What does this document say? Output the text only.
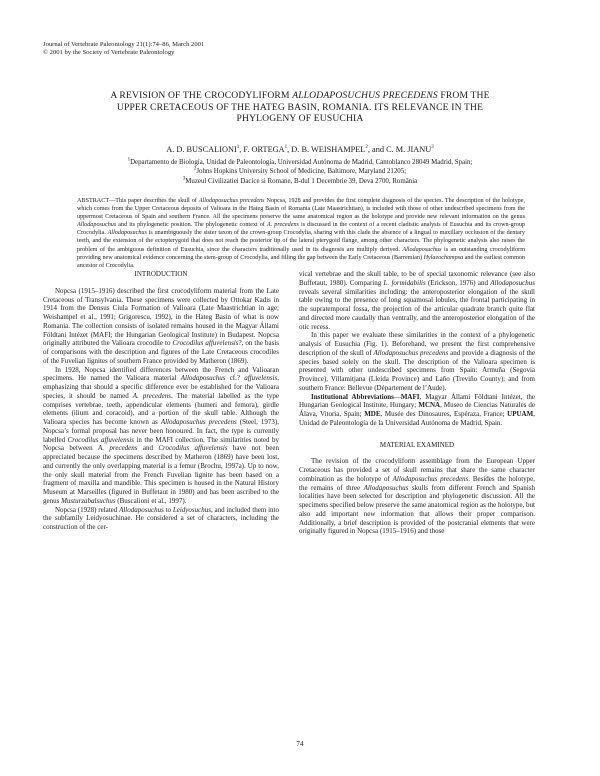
Journal of Vertebrate Paleontology 21(1):74–86, March 2001
© 2001 by the Society of Vertebrate Paleontology
A REVISION OF THE CROCODYLIFORM ALLODAPOSUCHUS PRECEDENS FROM THE
UPPER CRETACEOUS OF THE HATEG BASIN, ROMANIA. ITS RELEVANCE IN THE
PHYLOGENY OF EUSUCHIA
A. D. BUSCALIONI$^1$, F. ORTEGA$^1$, D. B. WEISHAMPEL$^2$, and C. M. JIANU$^3$
$^1$Departamento de Biología, Unidad de Paleontología, Universidad Autónoma de Madrid, Cantoblanco 28049 Madrid, Spain;
$^2$Johns Hopkins University School of Medicine, Baltimore, Maryland 21205;
$^3$Muzeul Civilizatiei Dacice si Romane, B-dul 1 Decembrie 39, Deva 2700, România
ABSTRACT—This paper describes the skull of Allodaposuchus precedens Nopcsa, 1928 and provides the first complete diagnosis of the species. The description of the holotype, which comes from the Upper Cretaceous deposits of Valioara in the Hateg Basin of Romania (Late Maastrichtian), is included with those of other undescribed specimens from the uppermost Cretaceous of Spain and southern France. All the specimens preserve the same anatomical region as the holotype and provide new relevant information on the genus Allodaposuchus and its phylogenetic position. The phylogenetic context of A. precedens is discussed in the context of a recent cladistic analysis of Eusuchia and its crown-group Crocodylia. Allodaposuchus is unambiguously the sister taxon of the crown-group Crocodylia, sharing with this clade the absence of a lingual to maxillary occlusion of the dentary teeth, and the extension of the ectopterygoid that does not reach the posterior tip of the lateral pterygoid flange, among other characters. The phylogenetic analysis also raises the problem of the ambiguous definition of Eusuchia, since the characters traditionally used in its diagnosis are multiply derived. Allodaposuchus is an outstanding crocodyliform providing new anatomical evidence concerning the stem-group of Crocodylia, and filling the gap between the Early Cretaceous (Barremian) Hylaeochampsa and the earliest common ancestor of Crocodylia.

INTRODUCTION

Nopcsa (1915–1916) described the first crocodyliform material from the Late Cretaceous of Transylvania. These specimens were collected by Ottokar Kadis in 1914 from the Densus Ciula Formation of Valioara (Late Maastrichtian in age; Weishampel et al., 1991; Grigorescu, 1992), in the Hateg Basin of what is now Romania. The collection consists of isolated remains housed in the Magyar Állami Földtani Intézet (MAFI; the Hungarian Geological Institute) in Budapest. Nopcsa originally attributed the Valioara crocodile to Crocodilus affuvelensis?, on the basis of comparisons with the description and figures of the Late Cretaceous crocodiles of the Fuvelian lignites of southern France provided by Matheron (1869).

In 1928, Nopcsa identified differences between the French and Valioaran specimens. He named the Valioara material Allodaposuchus cf.? affuvelensis, emphasizing that should a specific difference ever be established for the Valioara species, it should be named A. precedens. The material labelled as the type comprises vertebrae, teeth, appendicular elements (humeri and femora), girdle elements (ilium and coracoid), and a portion of the skull table. Although the Valioara species has become known as Allodaposuchus precedens (Steel, 1973), Nopcsa’s formal proposal has never been honoured. In fact, the type is currently labelled Crocodilus affuvelensis in the MAFI collection. The similarities noted by Nopcsa between A. precedens and Crocodilus affuvelensis have not been appreciated because the specimens described by Matheron (1869) have been lost, and currently the only overlapping material is a femur (Brochu, 1997a). Up to now, the only skull material from the French Fuvelian lignite has been based on a fragment of maxilla and mandible. This specimen is housed in the Natural History Museum at Marseilles (figured in Buffetaut in 1980) and has been ascribed to the genus Musturzabalsuchus (Buscalioni et al., 1997).

Nopcsa (1928) related Allodaposuchus to Leidyosuchus, and included them into the subfamily Leidyosuchinae. He considered a set of characters, including the construction of the cer-

vical vertebrae and the skull table, to be of special taxonomic relevance (see also Buffetaut, 1980). Comparing L. formidabilis (Erickson, 1976) and Allodaposuchus reveals several similarities including: the anteroposterior elongation of the skull table owing to the presence of long squamosal lobules, the frontal participating in the supratemporal fossa, the projection of the articular quadrate branch quite flat and directed more caudally than ventrally, and the anteroposterior elongation of the otic recess.

In this paper we evaluate these similarities in the context of a phylogenetic analysis of Eusuchia (Fig. 1). Beforehand, we present the first comprehensive description of the skull of Allodaposuchus precedens and provide a diagnosis of the species based solely on the skull. The description of the Valioara specimen is presented with other undescribed specimens from Spain: Armuña (Segovia Province), Villamitjana (Lleida Province) and Laño (Treviño County); and from southern France: Bellevue (Département de l’Aude).

Institutional Abbreviations—MAFI, Magyar Állami Földtani Intézet, the Hungarian Geological Institute, Hungary; MCNA, Museo de Ciencias Naturales de Álava, Vitoria, Spain; MDE, Musée des Dinosaures, Espéraza, France; UPUAM, Unidad de Paleontología de la Universidad Autónoma de Madrid, Spain.

MATERIAL EXAMINED

The revision of the crocodyliform assemblage from the European Upper Cretaceous has provided a set of skull remains that share the same character combination as the holotype of Allodaposuchus precedens. Besides the holotype, the remains of three Allodaposuchus skulls from different French and Spanish localities have been selected for description and phylogenetic discussion. All the specimens specified below preserve the same anatomical region as the holotype, but also add important new information that allows their proper comparison. Additionally, a brief description is provided of the postcranial elements that were originally figured in Nopcsa (1915–1916) and those

74
